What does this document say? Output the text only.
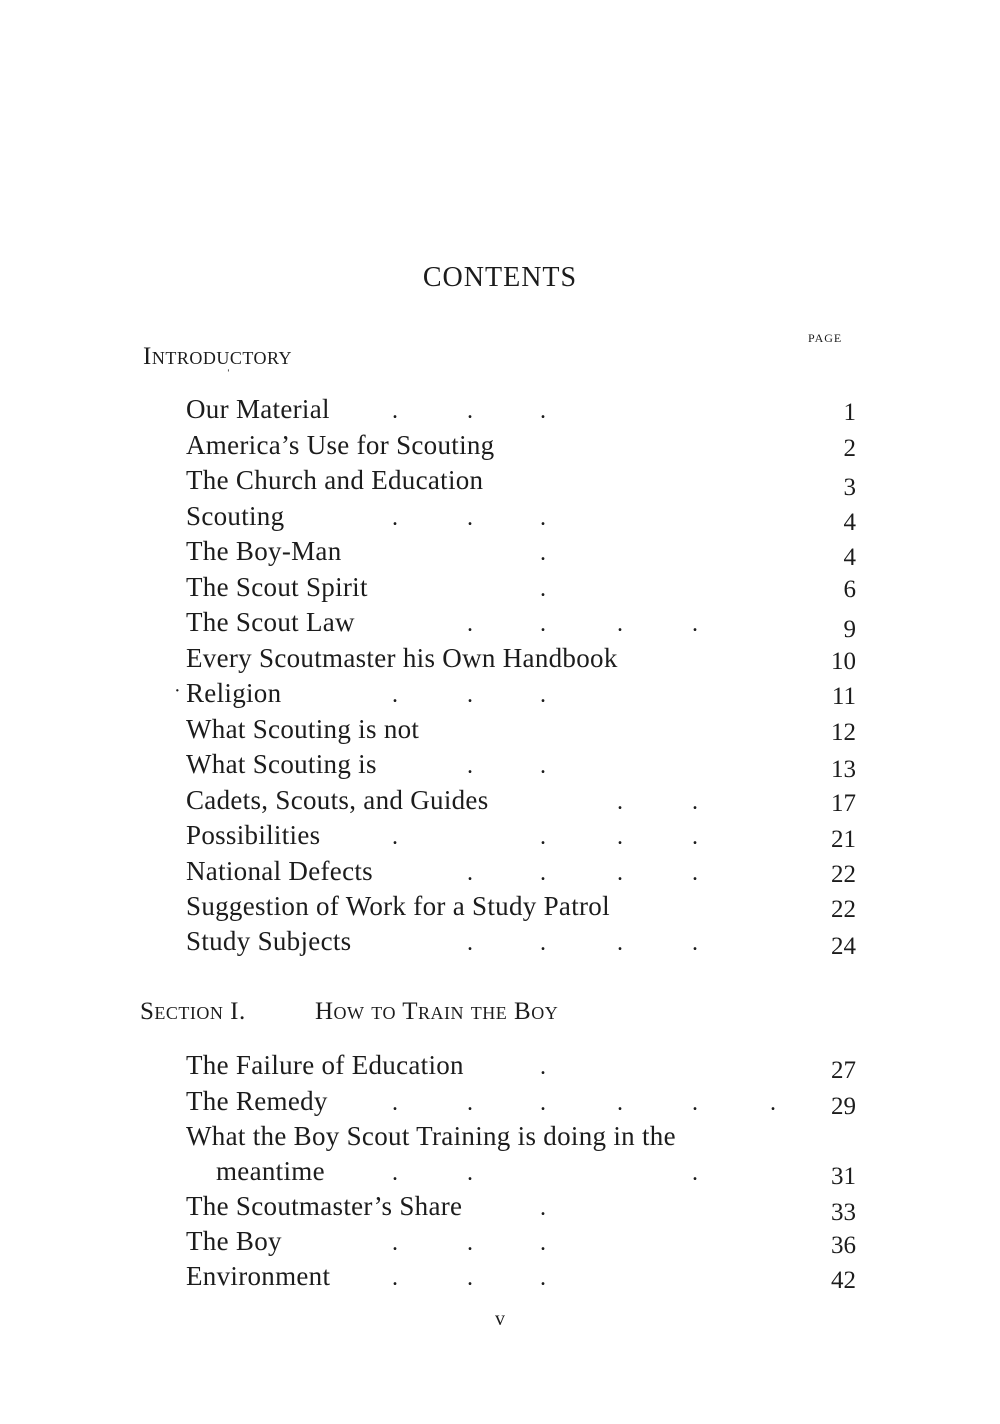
CONTENTS
PAGE
Introductory
ˈ
Our Material	1
America’s Use for Scouting	2
The Church and Education	3
Scouting	4
The Boy-Man	4
The Scout Spirit	6
The Scout Law	9
Every Scoutmaster his Own Handbook	10
· Religion	11
What Scouting is not	12
What Scouting is	13
Cadets, Scouts, and Guides	17
Possibilities	21
National Defects	22
Suggestion of Work for a Study Patrol	22
Study Subjects	24
.	.	.
.	.	.
.
.
.	.	.	.
.	.	.
.	.
.	.
.	.	.	.
.	.	.	.
.	.	.	.
Section I.	How to Train the Boy
The Failure of Education	27
The Remedy	29
What the Boy Scout Training is doing in the
meantime	31
The Scoutmaster’s Share	33
The Boy	36
Environment	42
.
.	.	.	.	.	.
.	.	.
.
.	.	.
.	.	.
v
